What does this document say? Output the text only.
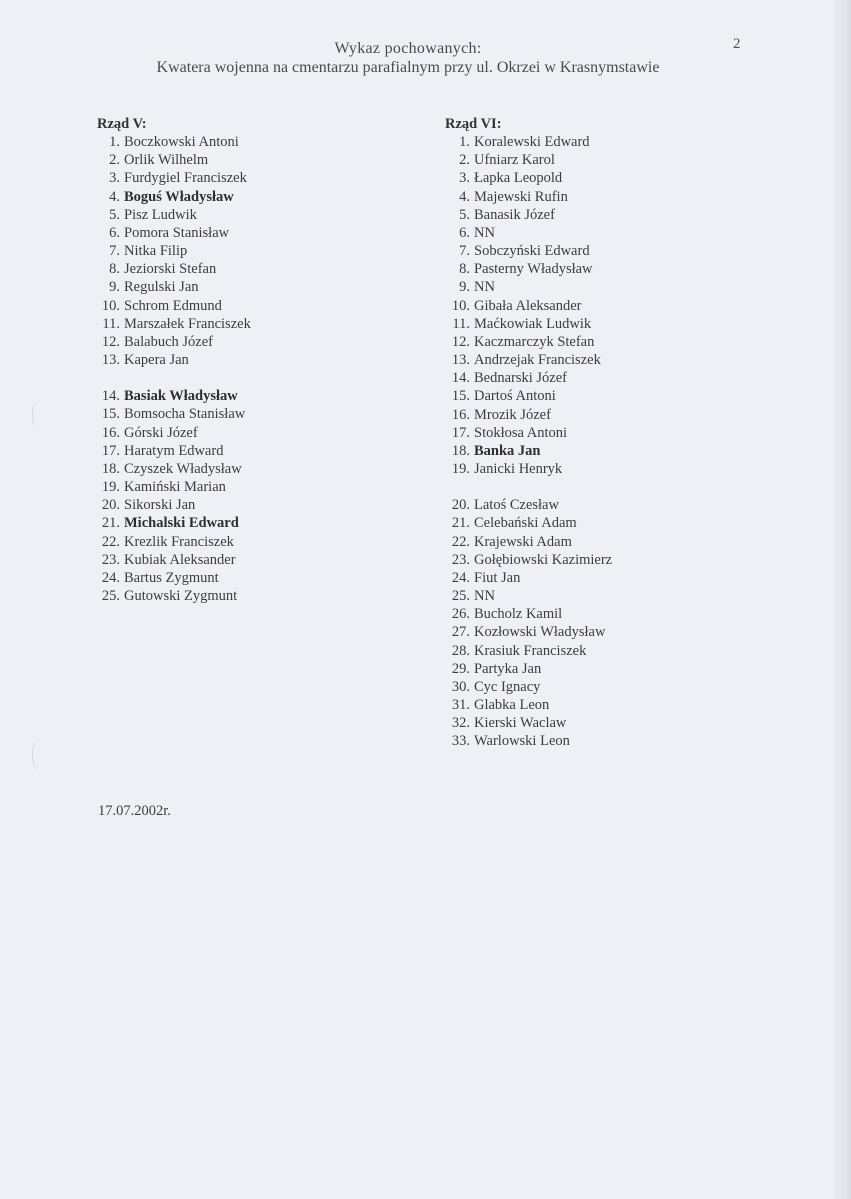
2
Wykaz pochowanych:
Kwatera wojenna na cmentarzu parafialnym przy ul. Okrzei w Krasnymstawie
Rząd V:
1. Boczkowski Antoni
2. Orlik Wilhelm
3. Furdygiel Franciszek
4. Boguś Władysław
5. Pisz Ludwik
6. Pomora Stanisław
7. Nitka Filip
8. Jeziorski Stefan
9. Regulski Jan
10. Schrom Edmund
11. Marszałek Franciszek
12. Balabuch Józef
13. Kapera Jan
14. Basiak Władysław
15. Bomsocha Stanisław
16. Górski Józef
17. Haratym Edward
18. Czyszek Władysław
19. Kamiński Marian
20. Sikorski Jan
21. Michalski Edward
22. Krezlik Franciszek
23. Kubiak Aleksander
24. Bartus Zygmunt
25. Gutowski Zygmunt
Rząd VI:
1. Koralewski Edward
2. Ufniarz Karol
3. Łapka Leopold
4. Majewski Rufin
5. Banasik Józef
6. NN
7. Sobczyński Edward
8. Pasterny Władysław
9. NN
10. Gibała Aleksander
11. Maćkowiak Ludwik
12. Kaczmarczyk Stefan
13. Andrzejak Franciszek
14. Bednarski Józef
15. Dartoś Antoni
16. Mrozik Józef
17. Stokłosa Antoni
18. Banka Jan
19. Janicki Henryk
20. Latoś Czesław
21. Celebański Adam
22. Krajewski Adam
23. Gołębiowski Kazimierz
24. Fiut Jan
25. NN
26. Bucholz Kamil
27. Kozłowski Władysław
28. Krasiuk Franciszek
29. Partyka Jan
30. Cyc Ignacy
31. Glabka Leon
32. Kierski Waclaw
33. Warlowski Leon
17.07.2002r.
